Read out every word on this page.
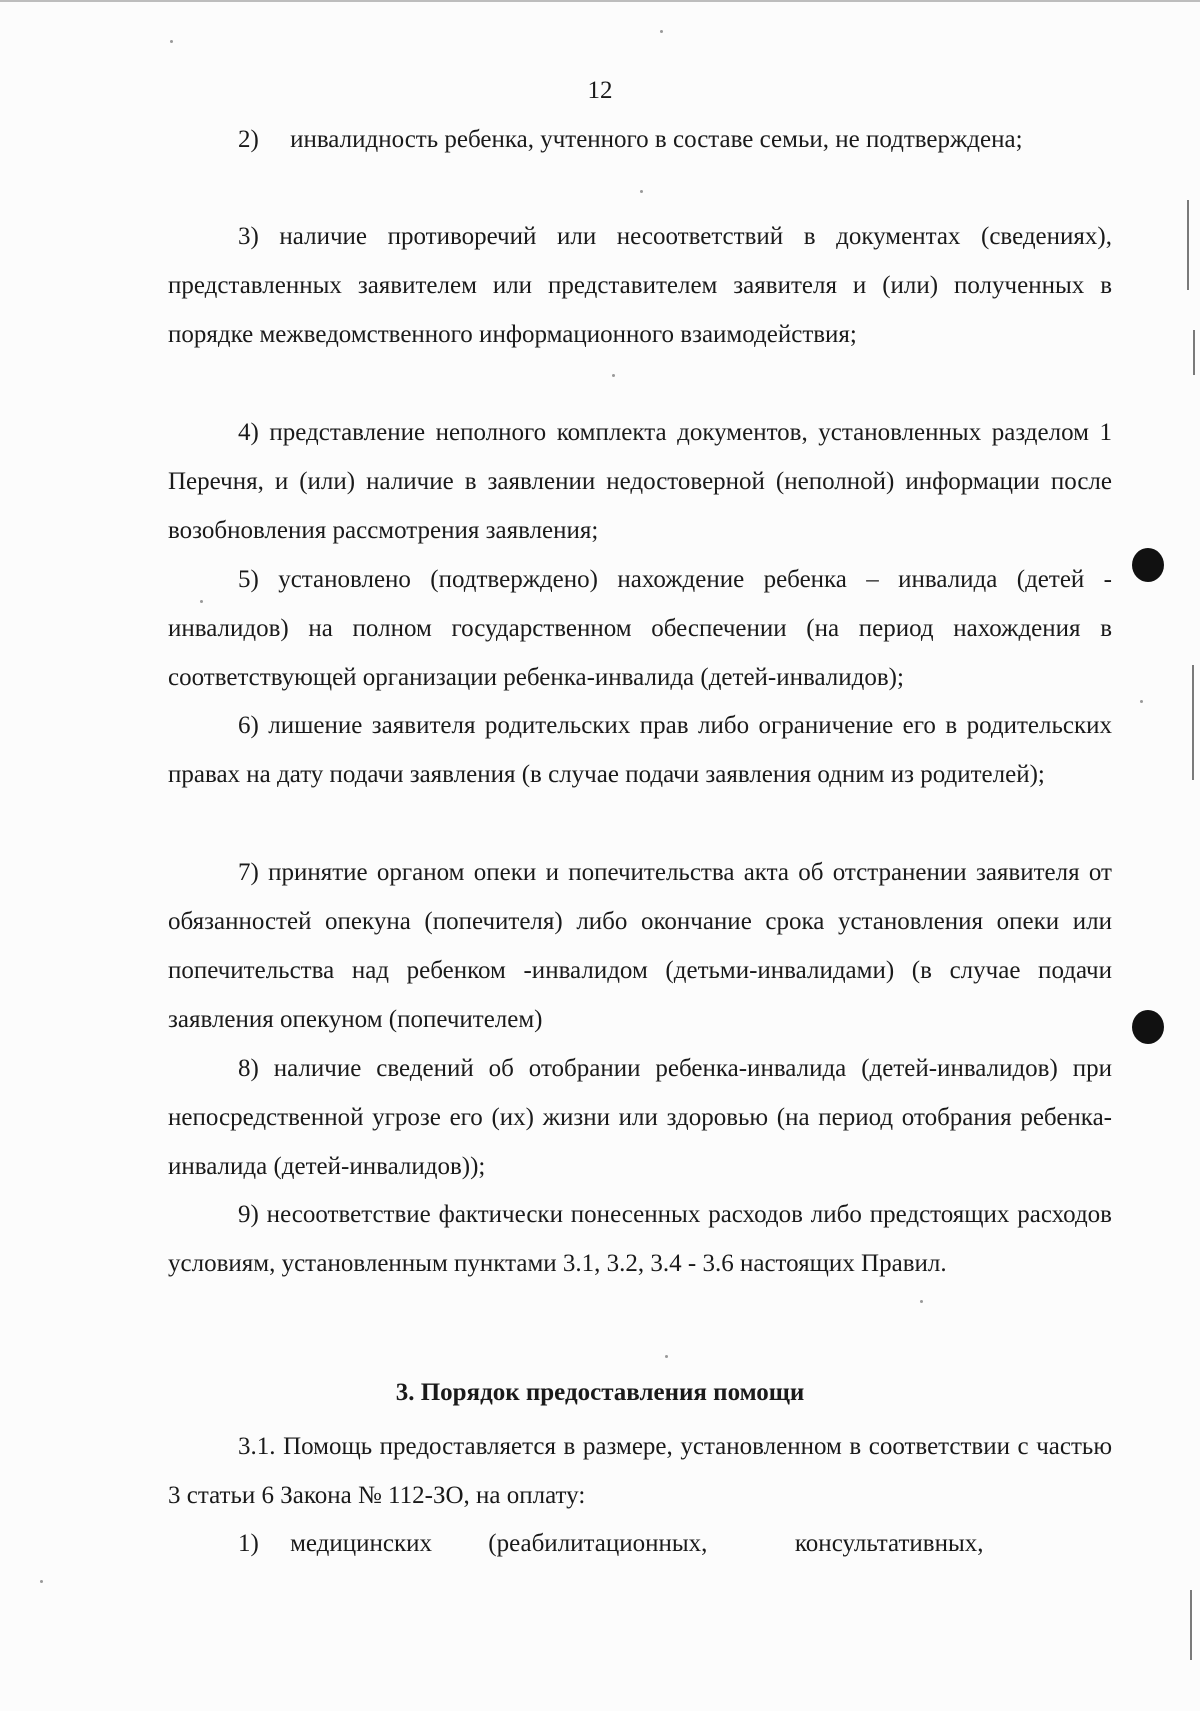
12

2)     инвалидность ребенка, учтенного в составе семьи, не подтверждена;

3) наличие противоречий или несоответствий в документах (сведениях), представленных заявителем или представителем заявителя и (или) полученных в порядке межведомственного информационного взаимодействия;

4) представление неполного комплекта документов, установленных разделом 1 Перечня, и (или) наличие в заявлении недостоверной (неполной) информации после возобновления рассмотрения заявления;

5) установлено (подтверждено) нахождение ребенка – инвалида (детей - инвалидов) на полном государственном обеспечении (на период нахождения в соответствующей организации ребенка-инвалида (детей-инвалидов);

6) лишение заявителя родительских прав либо ограничение его в родительских правах на дату подачи заявления (в случае подачи заявления одним из родителей);

7) принятие органом опеки и попечительства акта об отстранении заявителя от обязанностей опекуна (попечителя) либо окончание срока установления опеки или попечительства над ребенком -инвалидом (детьми-инвалидами) (в случае подачи заявления опекуном (попечителем)

8) наличие сведений об отобрании ребенка-инвалида (детей-инвалидов) при непосредственной угрозе его (их) жизни или здоровью (на период отобрания ребенка-инвалида (детей-инвалидов));

9) несоответствие фактически понесенных расходов либо предстоящих расходов условиям, установленным пунктами 3.1, 3.2, 3.4 - 3.6 настоящих Правил.

3. Порядок предоставления помощи

3.1. Помощь предоставляется в размере, установленном в соответствии с частью 3 статьи 6 Закона № 112-ЗО, на оплату:

1)     медицинских         (реабилитационных,              консультативных,
